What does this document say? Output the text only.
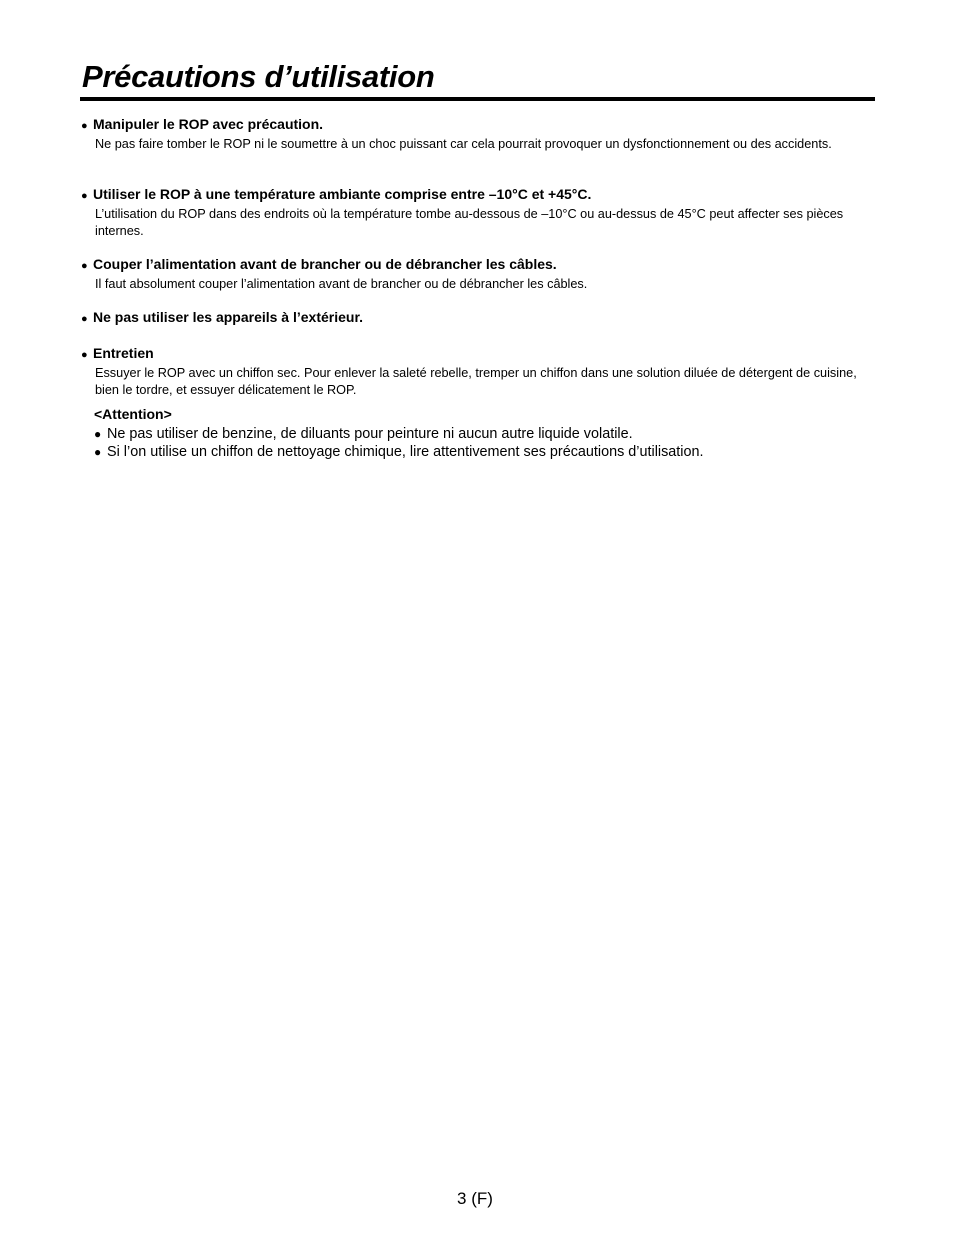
Précautions d’utilisation

● Manipuler le ROP avec précaution.

Ne pas faire tomber le ROP ni le soumettre à un choc puissant car cela pourrait provoquer un dysfonctionnement ou des accidents.

● Utiliser le ROP à une température ambiante comprise entre –10°C et +45°C.

L’utilisation du ROP dans des endroits où la température tombe au-dessous de –10°C ou au-dessus de 45°C peut affecter ses pièces internes.

● Couper l’alimentation avant de brancher ou de débrancher les câbles.

Il faut absolument couper l’alimentation avant de brancher ou de débrancher les câbles.

● Ne pas utiliser les appareils à l’extérieur.

● Entretien

Essuyer le ROP avec un chiffon sec. Pour enlever la saleté rebelle, tremper un chiffon dans une solution diluée de détergent de cuisine, bien le tordre, et essuyer délicatement le ROP.

<Attention>

● Ne pas utiliser de benzine, de diluants pour peinture ni aucun autre liquide volatile.

● Si l’on utilise un chiffon de nettoyage chimique, lire attentivement ses précautions d’utilisation.

3 (F)
